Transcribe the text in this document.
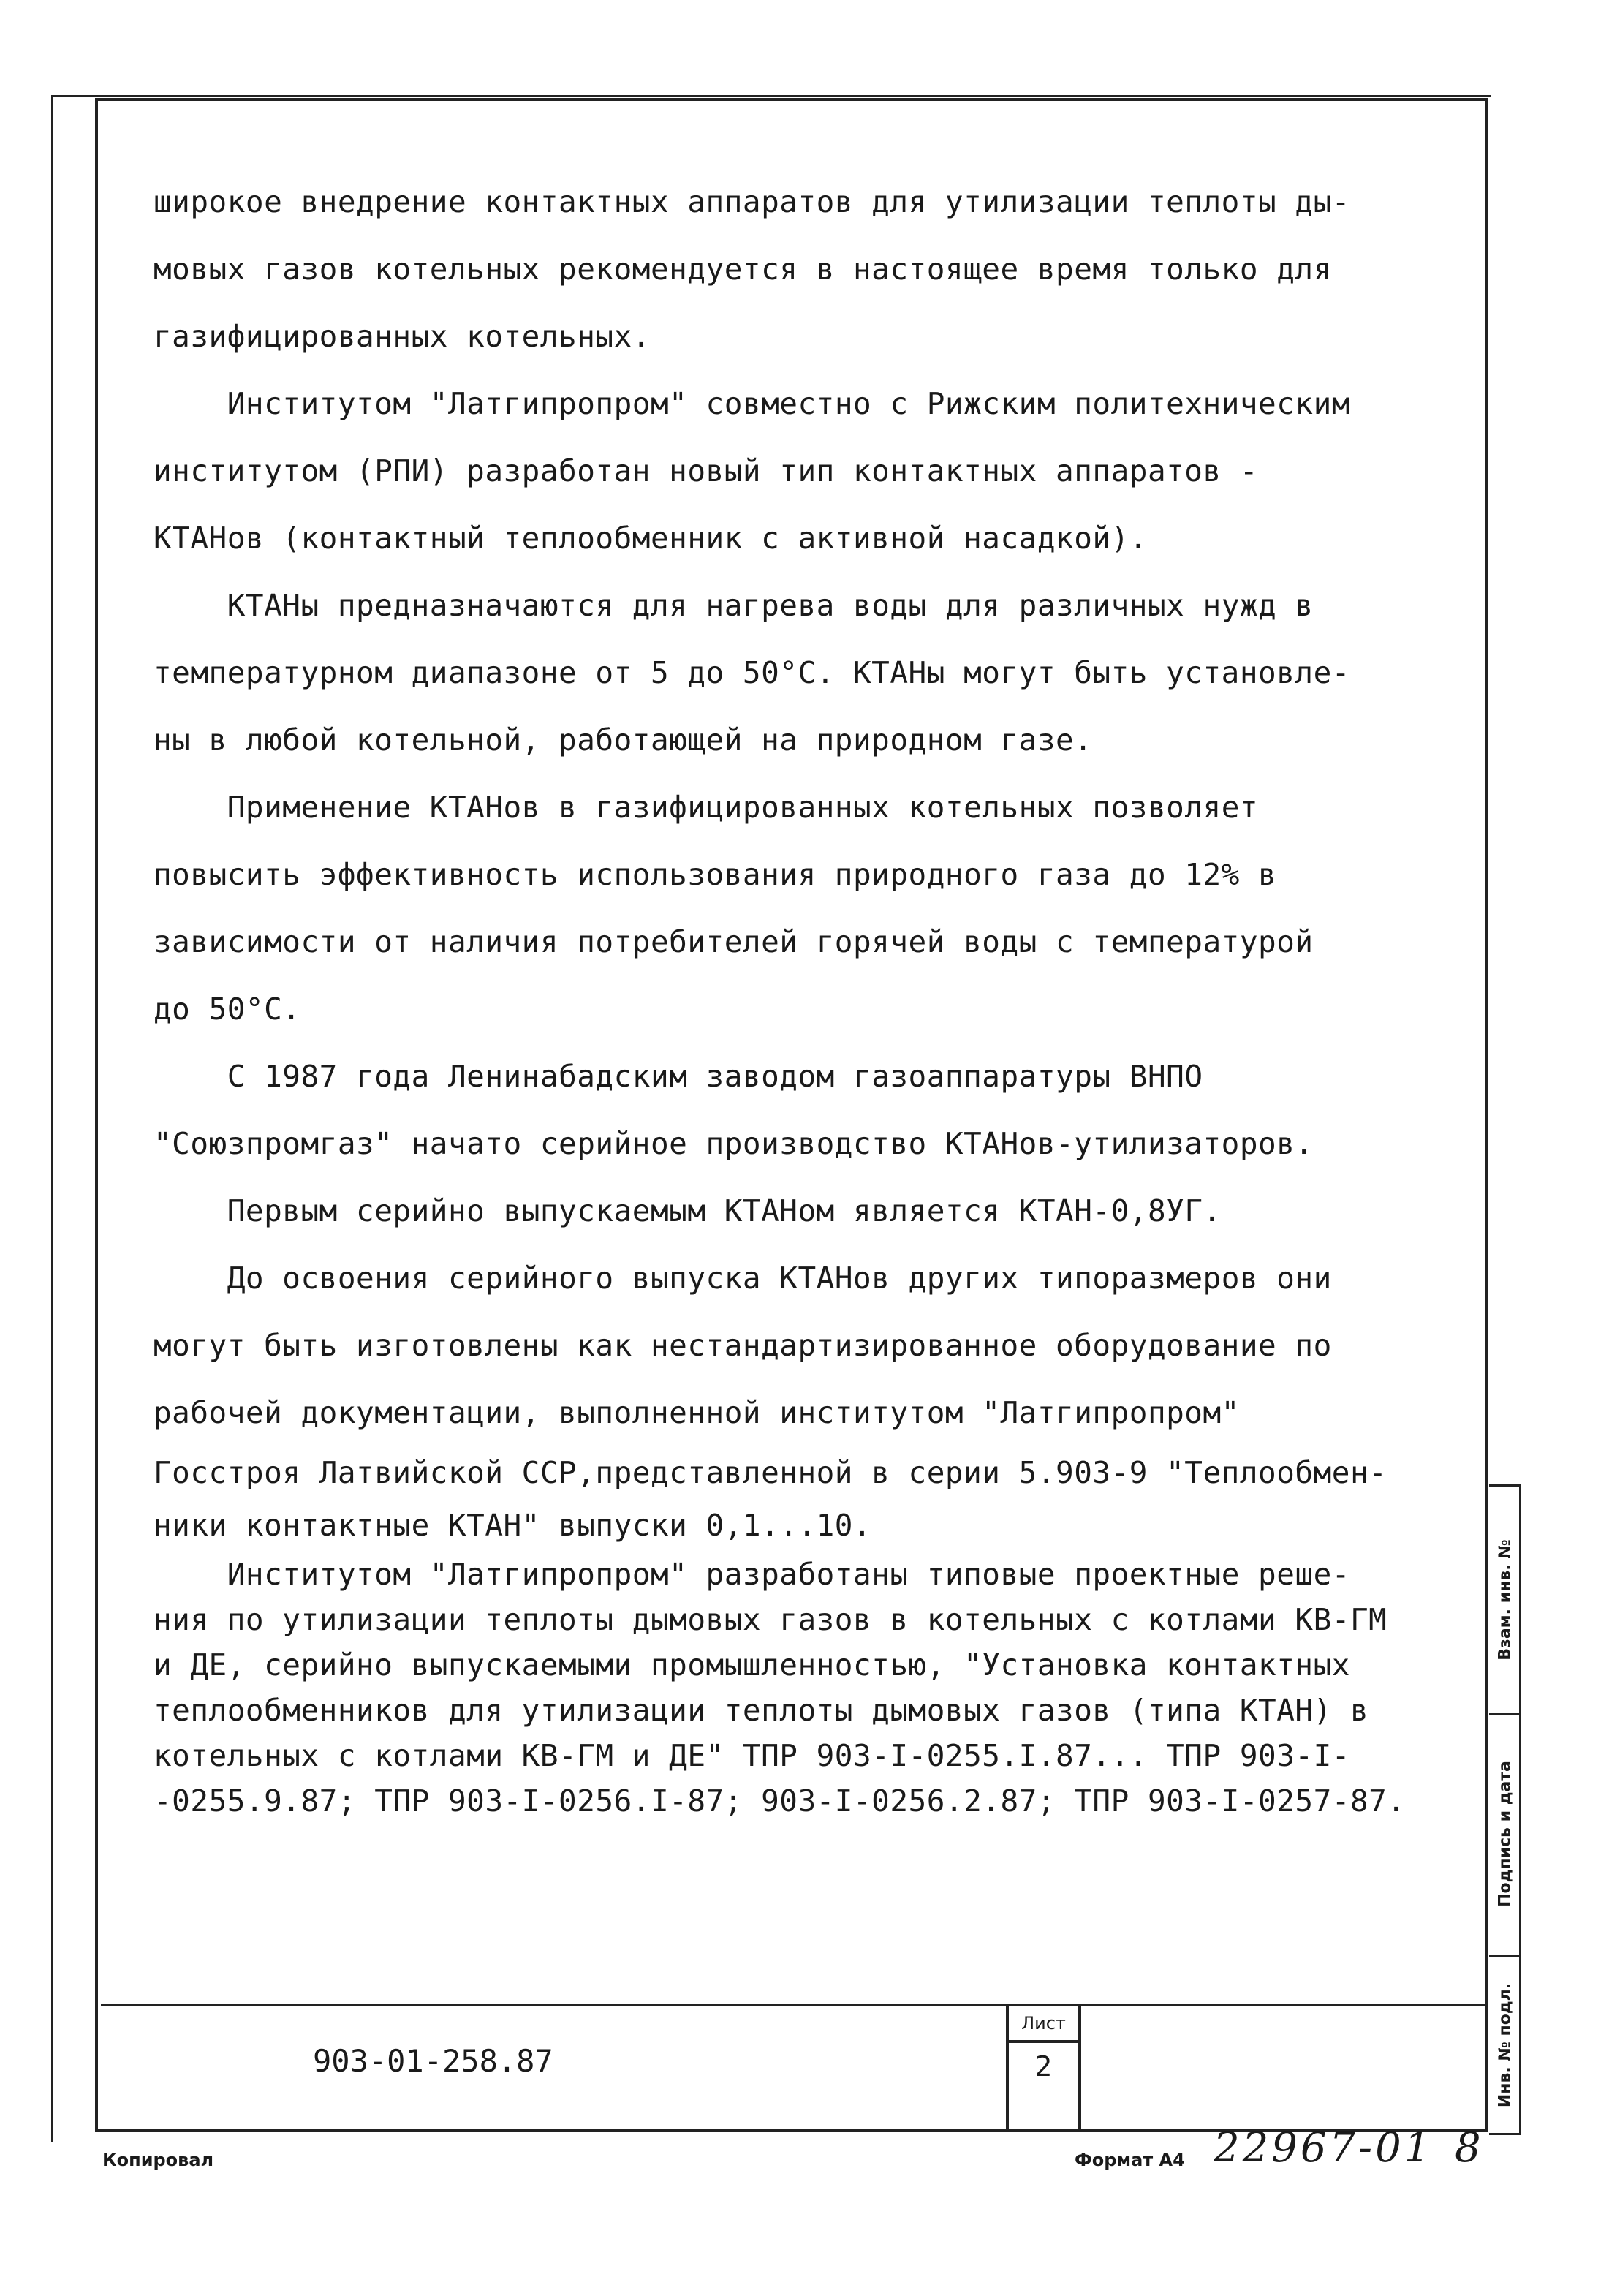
широкое внедрение контактных аппаратов для утилизации теплоты ды-
мовых газов котельных рекомендуется в настоящее время только для
газифицированных котельных.

Институтом "Латгипропром" совместно с Рижским политехническим
институтом (РПИ) разработан новый тип контактных аппаратов -
КТАНов (контактный теплообменник с активной насадкой).

КТАНы предназначаются для нагрева воды для различных нужд в
температурном диапазоне от 5 до 50°С. КТАНы могут быть установле-
ны в любой котельной, работающей на природном газе.

Применение КТАНов в газифицированных котельных позволяет
повысить эффективность использования природного газа до 12% в
зависимости от наличия потребителей горячей воды с температурой
до 50°С.

С 1987 года Ленинабадским заводом газоаппаратуры ВНПО
"Союзпромгаз" начато серийное производство КТАНов-утилизаторов.

Первым серийно выпускаемым КТАНом является КТАН-0,8УГ.

До освоения серийного выпуска КТАНов других типоразмеров они
могут быть изготовлены как нестандартизированное оборудование по
рабочей документации, выполненной институтом "Латгипропром"

Госстроя Латвийской ССР,представленной в серии 5.903-9 "Теплообмен-
ники контактные КТАН" выпуски 0,1...10.

Институтом "Латгипропром" разработаны типовые проектные реше-
ния по утилизации теплоты дымовых газов в котельных с котлами КВ-ГМ
и ДЕ, серийно выпускаемыми промышленностью, "Установка контактных
теплообменников для утилизации теплоты дымовых газов (типа КТАН) в
котельных с котлами КВ-ГМ и ДЕ" ТПР 903-I-0255.I.87... ТПР 903-I-
-0255.9.87; ТПР 903-I-0256.I-87; 903-I-0256.2.87; ТПР 903-I-0257-87.

903-01-258.87
Лист
2
Взам. инв. №
Подпись и дата
Инв. № подл.
Копировал	Формат А4 22967-01 8
